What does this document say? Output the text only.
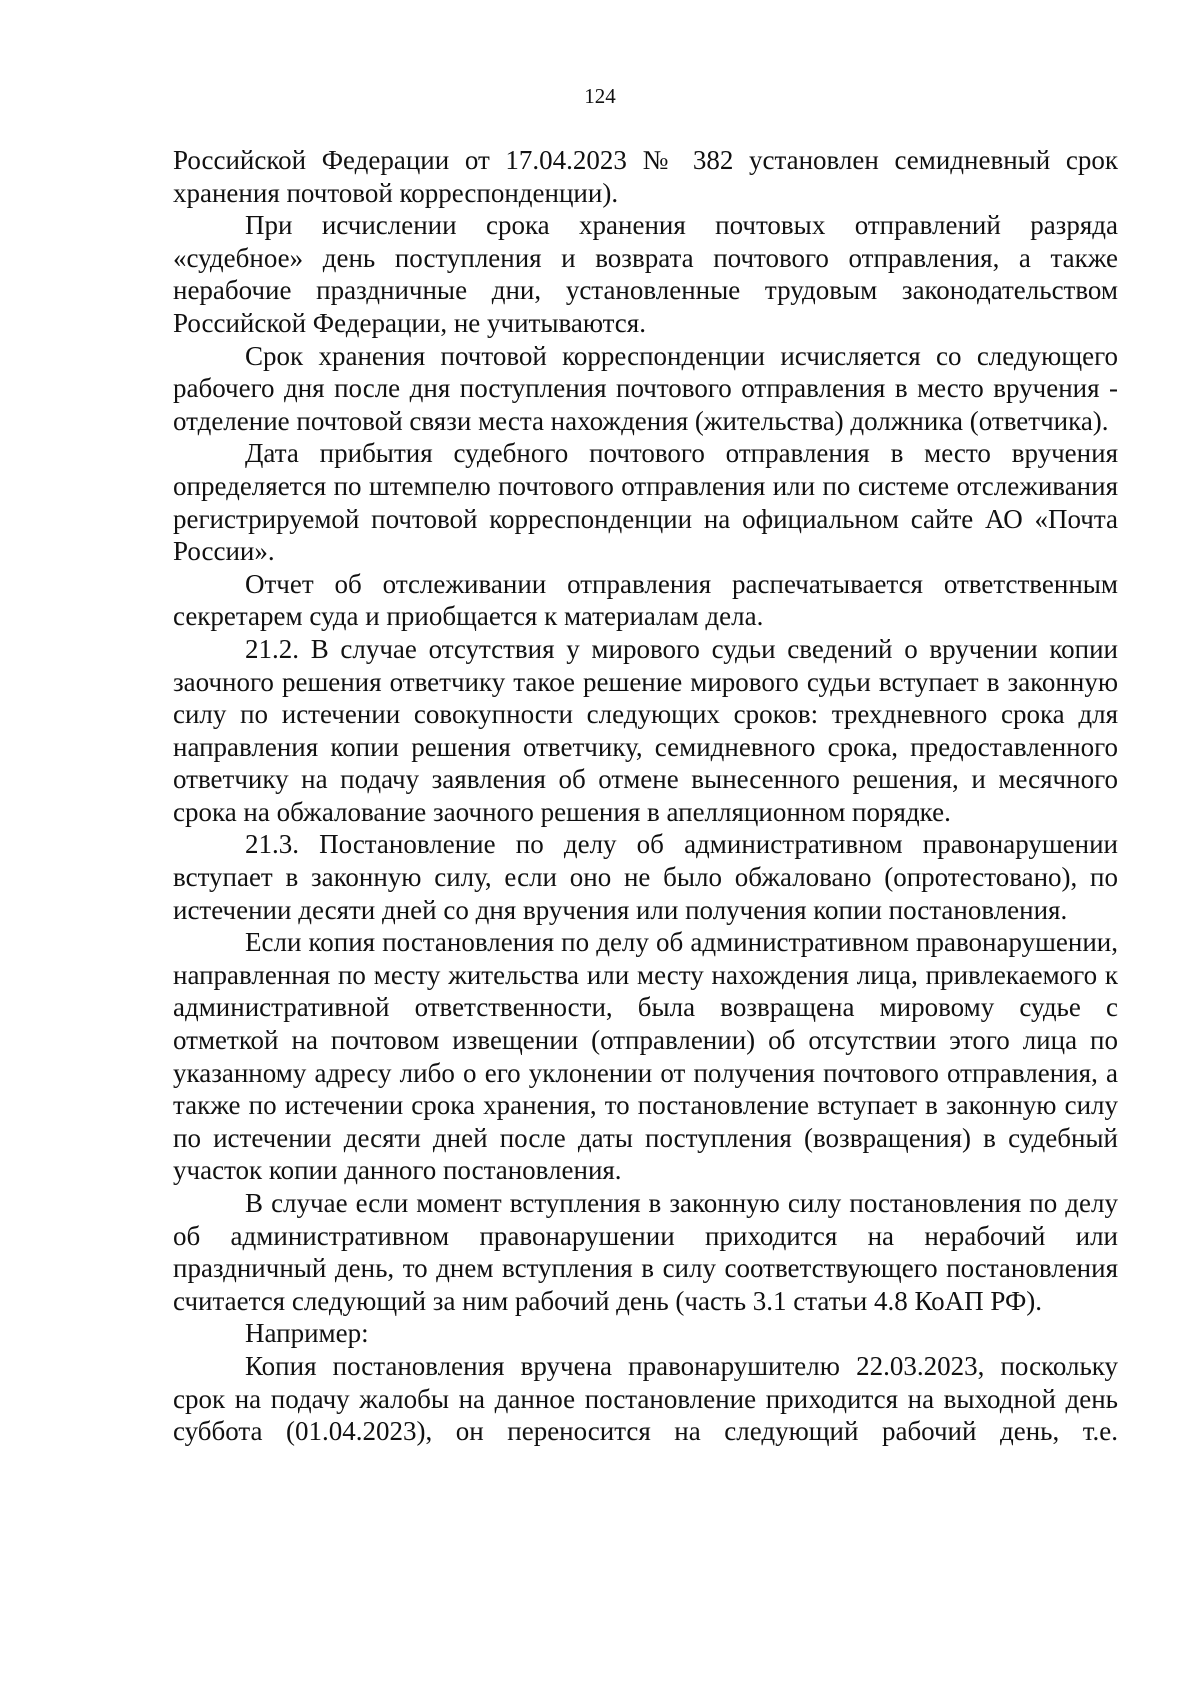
124

Российской Федерации от 17.04.2023 № 382 установлен семидневный срок хранения почтовой корреспонденции).

При исчислении срока хранения почтовых отправлений разряда «судебное» день поступления и возврата почтового отправления, а также нерабочие праздничные дни, установленные трудовым законодательством Российской Федерации, не учитываются.

Срок хранения почтовой корреспонденции исчисляется со следующего рабочего дня после дня поступления почтового отправления в место вручения - отделение почтовой связи места нахождения (жительства) должника (ответчика).

Дата прибытия судебного почтового отправления в место вручения определяется по штемпелю почтового отправления или по системе отслеживания регистрируемой почтовой корреспонденции на официальном сайте АО «Почта России».

Отчет об отслеживании отправления распечатывается ответственным секретарем суда и приобщается к материалам дела.

21.2. В случае отсутствия у мирового судьи сведений о вручении копии заочного решения ответчику такое решение мирового судьи вступает в законную силу по истечении совокупности следующих сроков: трехдневного срока для направления копии решения ответчику, семидневного срока, предоставленного ответчику на подачу заявления об отмене вынесенного решения, и месячного срока на обжалование заочного решения в апелляционном порядке.

21.3. Постановление по делу об административном правонарушении вступает в законную силу, если оно не было обжаловано (опротестовано), по истечении десяти дней со дня вручения или получения копии постановления.

Если копия постановления по делу об административном правонарушении, направленная по месту жительства или месту нахождения лица, привлекаемого к административной ответственности, была возвращена мировому судье с отметкой на почтовом извещении (отправлении) об отсутствии этого лица по указанному адресу либо о его уклонении от получения почтового отправления, а также по истечении срока хранения, то постановление вступает в законную силу по истечении десяти дней после даты поступления (возвращения) в судебный участок копии данного постановления.

В случае если момент вступления в законную силу постановления по делу об административном правонарушении приходится на нерабочий или праздничный день, то днем вступления в силу соответствующего постановления считается следующий за ним рабочий день (часть 3.1 статьи 4.8 КоАП РФ).

Например:

Копия постановления вручена правонарушителю 22.03.2023, поскольку срок на подачу жалобы на данное постановление приходится на выходной день суббота (01.04.2023), он переносится на следующий рабочий день, т.е.
